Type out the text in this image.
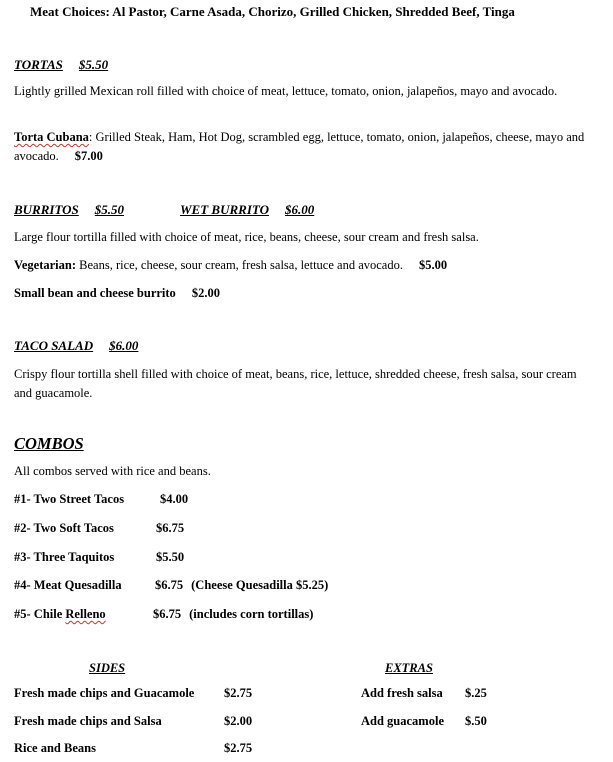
Meat Choices: Al Pastor, Carne Asada, Chorizo, Grilled Chicken, Shredded Beef, Tinga
TORTAS $5.50
Lightly grilled Mexican roll filled with choice of meat, lettuce, tomato, onion, jalapeños, mayo and avocado.
Torta Cubana: Grilled Steak, Ham, Hot Dog, scrambled egg, lettuce, tomato, onion, jalapeños, cheese, mayo and avocado. $7.00
BURRITOS $5.50	WET BURRITO $6.00
Large flour tortilla filled with choice of meat, rice, beans, cheese, sour cream and fresh salsa.
Vegetarian: Beans, rice, cheese, sour cream, fresh salsa, lettuce and avocado. $5.00
Small bean and cheese burrito $2.00
TACO SALAD $6.00
Crispy flour tortilla shell filled with choice of meat, beans, rice, lettuce, shredded cheese, fresh salsa, sour cream and guacamole.
COMBOS
All combos served with rice and beans.
#1- Two Street Tacos	$4.00
#2- Two Soft Tacos	$6.75
#3- Three Taquitos	$5.50
#4- Meat Quesadilla	$6.75 (Cheese Quesadilla $5.25)
#5- Chile Relleno	$6.75 (includes corn tortillas)
SIDES
Fresh made chips and Guacamole $2.75
Fresh made chips and Salsa	$2.00
Rice and Beans	$2.75
EXTRAS
Add fresh salsa $.25
Add guacamole $.50
